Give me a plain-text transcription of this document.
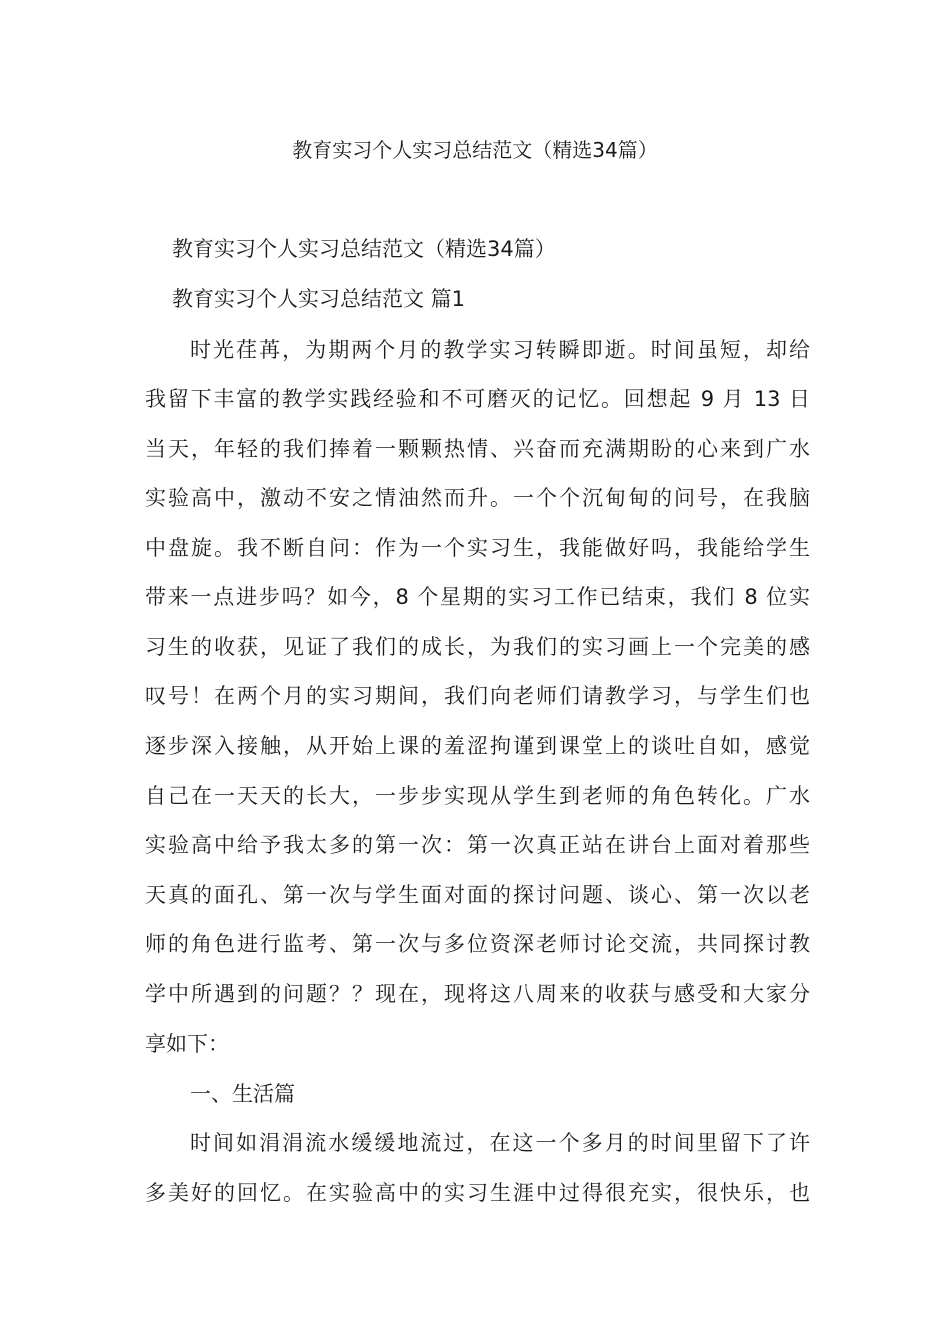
教育实习个人实习总结范文（精选34篇）

教育实习个人实习总结范文（精选34篇）

教育实习个人实习总结范文 篇1

时光荏苒，为期两个月的教学实习转瞬即逝。时间虽短，却给

我留下丰富的教学实践经验和不可磨灭的记忆。回想起 9 月 13 日

当天，年轻的我们捧着一颗颗热情、兴奋而充满期盼的心来到广水

实验高中，激动不安之情油然而升。一个个沉甸甸的问号，在我脑

中盘旋。我不断自问：作为一个实习生，我能做好吗，我能给学生

带来一点进步吗？如今，8 个星期的实习工作已结束，我们 8 位实

习生的收获，见证了我们的成长，为我们的实习画上一个完美的感

叹号！在两个月的实习期间，我们向老师们请教学习，与学生们也

逐步深入接触，从开始上课的羞涩拘谨到课堂上的谈吐自如，感觉

自己在一天天的长大，一步步实现从学生到老师的角色转化。广水

实验高中给予我太多的第一次：第一次真正站在讲台上面对着那些

天真的面孔、第一次与学生面对面的探讨问题、谈心、第一次以老

师的角色进行监考、第一次与多位资深老师讨论交流，共同探讨教

学中所遇到的问题？？现在，现将这八周来的收获与感受和大家分

享如下：

一、生活篇

时间如涓涓流水缓缓地流过，在这一个多月的时间里留下了许

多美好的回忆。在实验高中的实习生涯中过得很充实，很快乐，也
